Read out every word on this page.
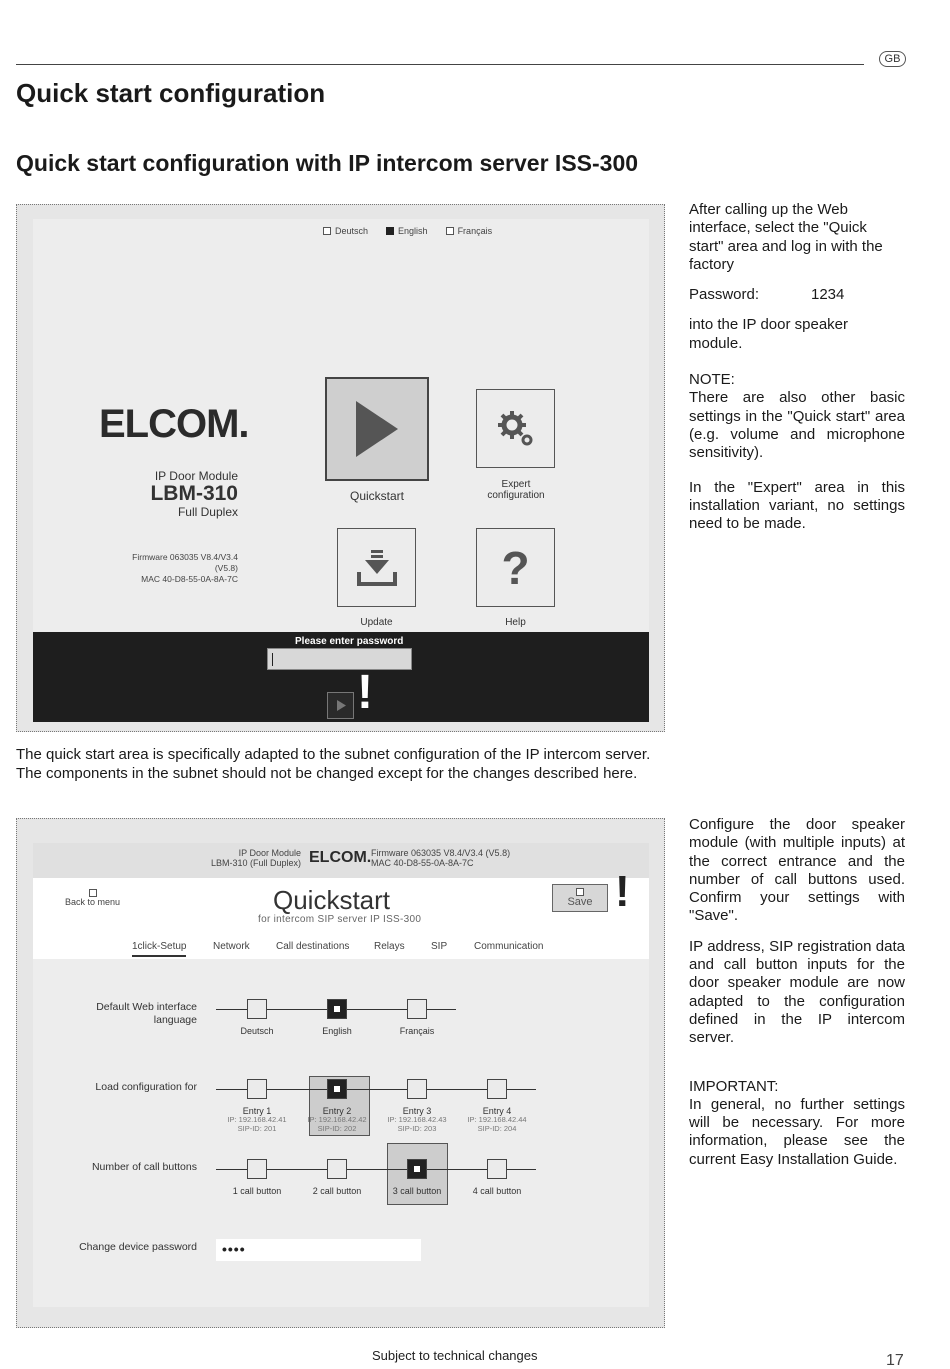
GB
Quick start configuration
Quick start configuration with IP intercom server ISS-300
Deutsch	English	Français
ELCOM.
IP Door Module
LBM-310
Full Duplex
Firmware 063035 V8.4/V3.4 (V5.8)
MAC 40-D8-55-0A-8A-7C
Quickstart
Expert
configuration
Update
?
Help
Please enter password
!

After calling up the Web interface, select the "Quick start" area and log in with the factory

Password:	1234

into the IP door speaker module.

NOTE:

There are also other basic settings in the "Quick start" area (e.g. volume and microphone sensitivity).

In the "Expert" area in this installation variant, no settings need to be made.

The quick start area is specifically adapted to the subnet configuration of the IP intercom server.
The components in the subnet should not be changed except for the changes described here.
IP Door Module
LBM-310 (Full Duplex) ELCOM. Firmware 063035 V8.4/V3.4 (V5.8)
MAC 40-D8-55-0A-8A-7C
Back to menu	Quickstart
for intercom SIP server IP ISS-300
Save !
1click-Setup	Network	Call destinations Relays	SIP	Communication
Default Web interface
language
Deutsch	English	Français
Load configuration for
Entry 1
IP: 192.168.42.41
SIP-ID: 201
Entry 2
IP: 192.168.42.42
SIP-ID: 202
Entry 3
IP: 192.168.42.43
SIP-ID: 203
Entry 4
IP: 192.168.42.44
SIP-ID: 204
Number of call buttons
1 call button	2 call button	3 call button	4 call button
Change device password	••••

Configure the door speaker module (with multiple inputs) at the correct entrance and the number of call buttons used. Confirm your settings with "Save".

IP address, SIP registration data and call button inputs for the door speaker module are now adapted to the configuration defined in the IP intercom server.

IMPORTANT:

In general, no further settings will be necessary. For more information, please see the current Easy Installation Guide.

Subject to technical changes	17
